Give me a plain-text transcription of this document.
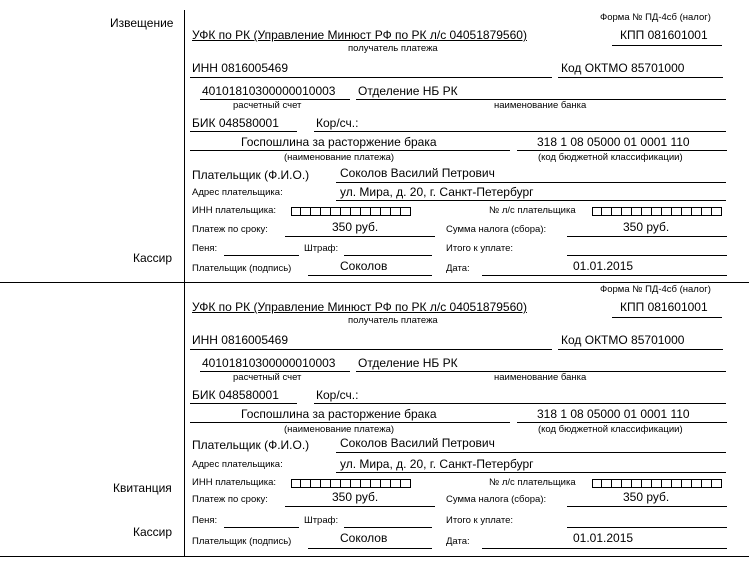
Извещение
Кассир
Квитанция
Кассир
Форма № ПД-4сб (налог)
УФК по РК (Управление Минюст РФ по РК л/с 04051879560)	КПП 081601001
получатель платежа
ИНН 0816005469	Код ОКТМО 85701000
40101810300000010003 Отделение НБ РК
расчетный счет	наименование банка
БИК 048580001	Кор/сч.:
Госпошлина за расторжение брака	318 1 08 05000 01 0001 110
(наименование платежа)	(код бюджетной классификации)
Плательщик (Ф.И.О.)	Соколов Василий Петрович
Адрес плательщика:	ул. Мира, д. 20, г. Санкт-Петербург
ИНН плательщика:	№ л/с плательщика
Платеж по сроку:	350 руб.	Сумма налога (сбора):	350 руб.
Пеня:	Штраф:	Итого к уплате:
Плательщик (подпись)	Соколов	Дата:	01.01.2015
Форма № ПД-4сб (налог)
УФК по РК (Управление Минюст РФ по РК л/с 04051879560)	КПП 081601001
получатель платежа
ИНН 0816005469	Код ОКТМО 85701000
40101810300000010003 Отделение НБ РК
расчетный счет	наименование банка
БИК 048580001	Кор/сч.:
Госпошлина за расторжение брака	318 1 08 05000 01 0001 110
(наименование платежа)	(код бюджетной классификации)
Плательщик (Ф.И.О.)	Соколов Василий Петрович
Адрес плательщика:	ул. Мира, д. 20, г. Санкт-Петербург
ИНН плательщика:	№ л/с плательщика
Платеж по сроку:	350 руб.	Сумма налога (сбора):	350 руб.
Пеня:	Штраф:	Итого к уплате:
Плательщик (подпись)	Соколов	Дата:	01.01.2015
